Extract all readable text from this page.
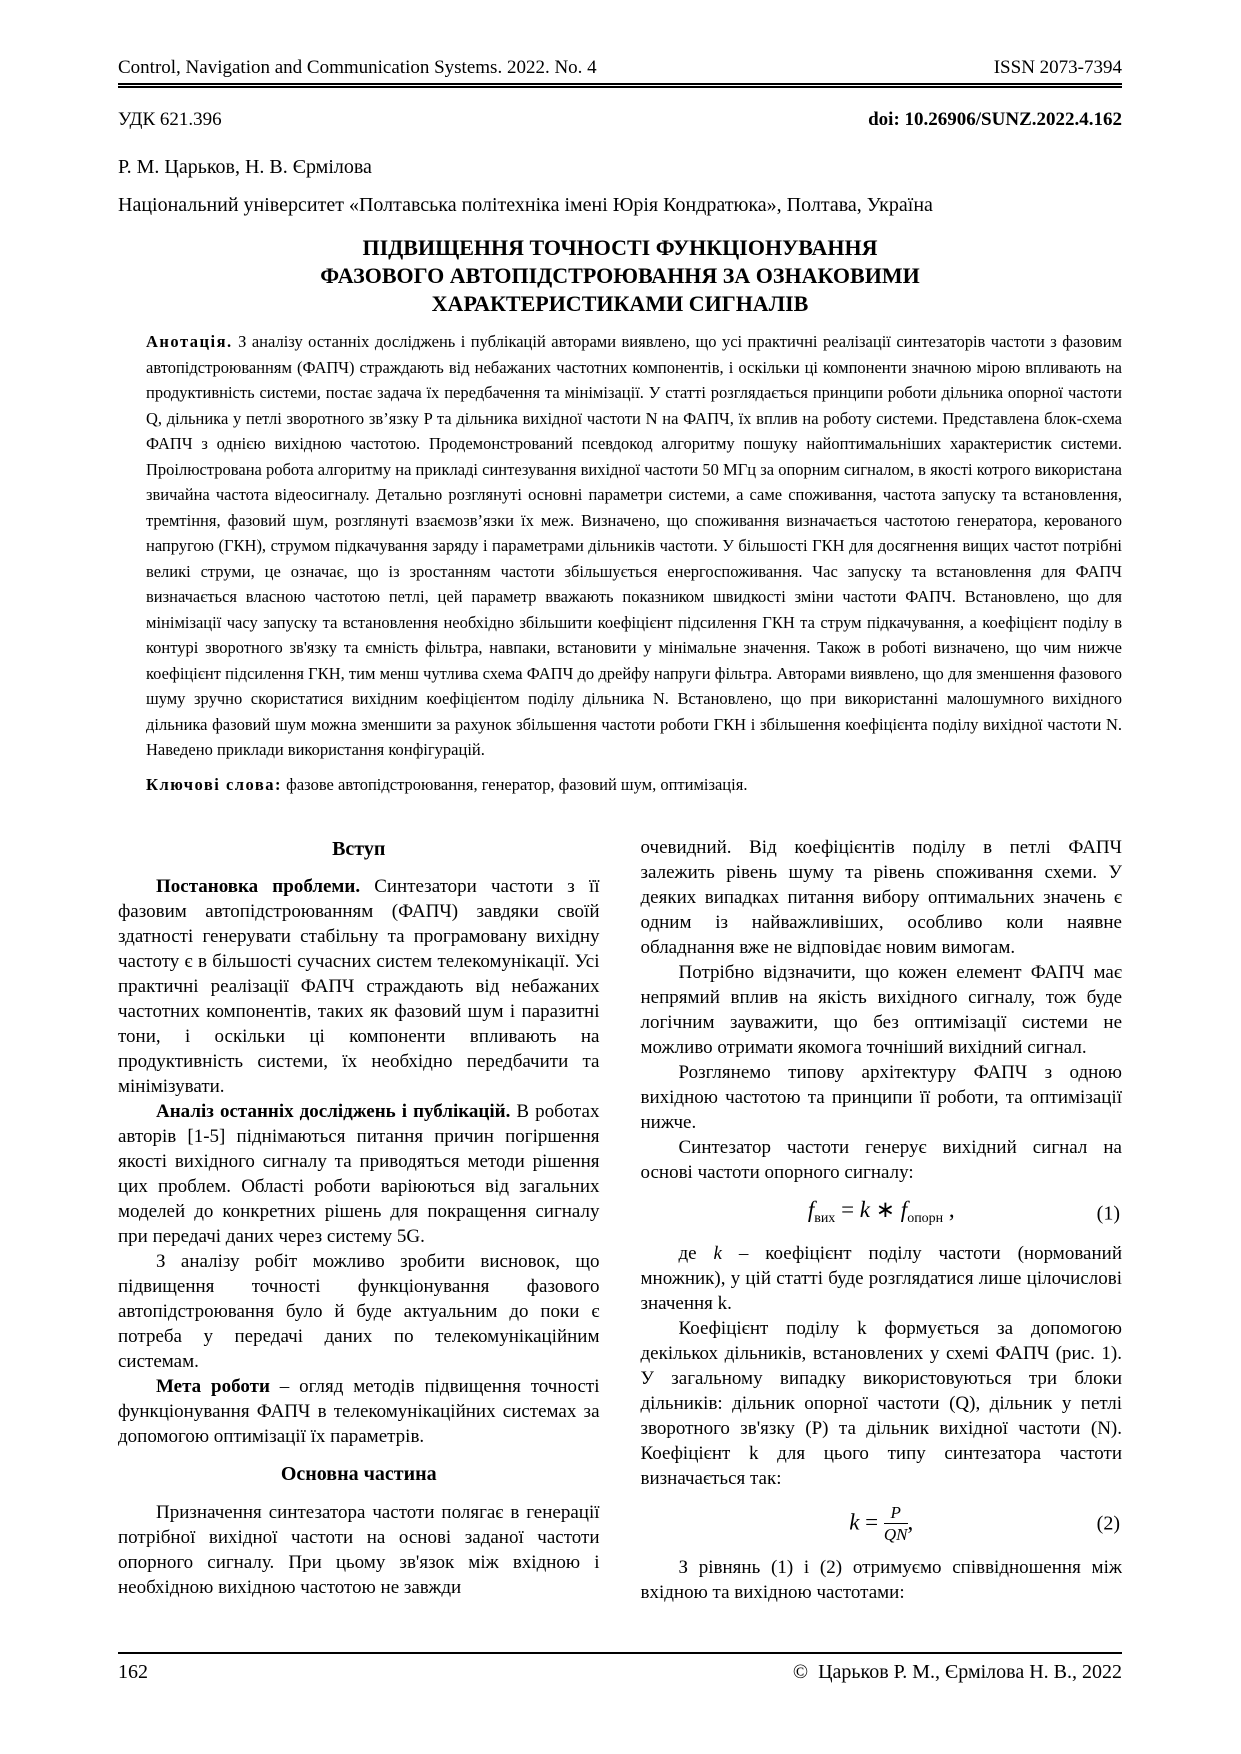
Control, Navigation and Communication Systems. 2022. No. 4	ISSN 2073-7394
УДК 621.396	doi: 10.26906/SUNZ.2022.4.162
Р. М. Царьков, Н. В. Єрмілова
Національний університет «Полтавська політехніка імені Юрія Кондратюка», Полтава, Україна
ПІДВИЩЕННЯ ТОЧНОСТІ ФУНКЦІОНУВАННЯ
ФАЗОВОГО АВТОПІДСТРОЮВАННЯ ЗА ОЗНАКОВИМИ
ХАРАКТЕРИСТИКАМИ СИГНАЛІВ
Анотація. З аналізу останніх досліджень і публікацій авторами виявлено, що усі практичні реалізації синтезаторів частоти з фазовим автопідстроюванням (ФАПЧ) страждають від небажаних частотних компонентів, і оскільки ці компоненти значною мірою впливають на продуктивність системи, постає задача їх передбачення та мінімізації. У статті розглядається принципи роботи дільника опорної частоти Q, дільника у петлі зворотного зв’язку P та дільника вихідної частоти N на ФАПЧ, їх вплив на роботу системи. Представлена блок-схема ФАПЧ з однією вихідною частотою. Продемонстрований псевдокод алгоритму пошуку найоптимальніших характеристик системи. Проілюстрована робота алгоритму на прикладі синтезування вихідної частоти 50 МГц за опорним сигналом, в якості котрого використана звичайна частота відеосигналу. Детально розглянуті основні параметри системи, а саме споживання, частота запуску та встановлення, тремтіння, фазовий шум, розглянуті взаємозв’язки їх меж. Визначено, що споживання визначається частотою генератора, керованого напругою (ГКН), струмом підкачування заряду і параметрами дільників частоти. У більшості ГКН для досягнення вищих частот потрібні великі струми, це означає, що із зростанням частоти збільшується енергоспоживання. Час запуску та встановлення для ФАПЧ визначається власною частотою петлі, цей параметр вважають показником швидкості зміни частоти ФАПЧ. Встановлено, що для мінімізації часу запуску та встановлення необхідно збільшити коефіцієнт підсилення ГКН та струм підкачування, а коефіцієнт поділу в контурі зворотного зв'язку та ємність фільтра, навпаки, встановити у мінімальне значення. Також в роботі визначено, що чим нижче коефіцієнт підсилення ГКН, тим менш чутлива схема ФАПЧ до дрейфу напруги фільтра. Авторами виявлено, що для зменшення фазового шуму зручно скористатися вихідним коефіцієнтом поділу дільника N. Встановлено, що при використанні малошумного вихідного дільника фазовий шум можна зменшити за рахунок збільшення частоти роботи ГКН і збільшення коефіцієнта поділу вихідної частоти N. Наведено приклади використання конфігурацій.
Ключові слова: фазове автопідстроювання, генератор, фазовий шум, оптимізація.
Вступ

Постановка проблеми. Синтезатори частоти з її фазовим автопідстроюванням (ФАПЧ) завдяки своїй здатності генерувати стабільну та програмовану вихідну частоту є в більшості сучасних систем телекомунікації. Усі практичні реалізації ФАПЧ страждають від небажаних частотних компонентів, таких як фазовий шум і паразитні тони, і оскільки ці компоненти впливають на продуктивність системи, їх необхідно передбачити та мінімізувати.

Аналіз останніх досліджень і публікацій. В роботах авторів [1-5] піднімаються питання причин погіршення якості вихідного сигналу та приводяться методи рішення цих проблем. Області роботи варіюються від загальних моделей до конкретних рішень для покращення сигналу при передачі даних через систему 5G.

З аналізу робіт можливо зробити висновок, що підвищення точності функціонування фазового автопідстроювання було й буде актуальним до поки є потреба у передачі даних по телекомунікаційним системам.

Мета роботи – огляд методів підвищення точності функціонування ФАПЧ в телекомунікаційних системах за допомогою оптимізації їх параметрів.

Основна частина

Призначення синтезатора частоти полягає в генерації потрібної вихідної частоти на основі заданої частоти опорного сигналу. При цьому зв'язок між вхідною і необхідною вихідною частотою не завжди

очевидний. Від коефіцієнтів поділу в петлі ФАПЧ залежить рівень шуму та рівень споживання схеми. У деяких випадках питання вибору оптимальних значень є одним із найважливіших, особливо коли наявне обладнання вже не відповідає новим вимогам.

Потрібно відзначити, що кожен елемент ФАПЧ має непрямий вплив на якість вихідного сигналу, тож буде логічним зауважити, що без оптимізації системи не можливо отримати якомога точніший вихідний сигнал.

Розглянемо типову архітектуру ФАПЧ з одною вихідною частотою та принципи її роботи, та оптимізації нижче.

Синтезатор частоти генерує вихідний сигнал на основі частоти опорного сигналу:

$f_{вих} = k$ ∗ $f_{опорн}$ ,	(1)

де k – коефіцієнт поділу частоти (нормований множник), у цій статті буде розглядатися лише цілочислові значення k.

Коефіцієнт поділу k формується за допомогою декількох дільників, встановлених у схемі ФАПЧ (рис. 1). У загальному випадку використовуються три блоки дільників: дільник опорної частоти (Q), дільник у петлі зворотного зв'язку (P) та дільник вихідної частоти (N). Коефіцієнт k для цього типу синтезатора частоти визначається так:

$k = \frac{P}{QN}$ ,	(2)

З рівнянь (1) і (2) отримуємо співвідношення між вхідною та вихідною частотами:

162	© Царьков Р. М., Єрмілова Н. В., 2022
